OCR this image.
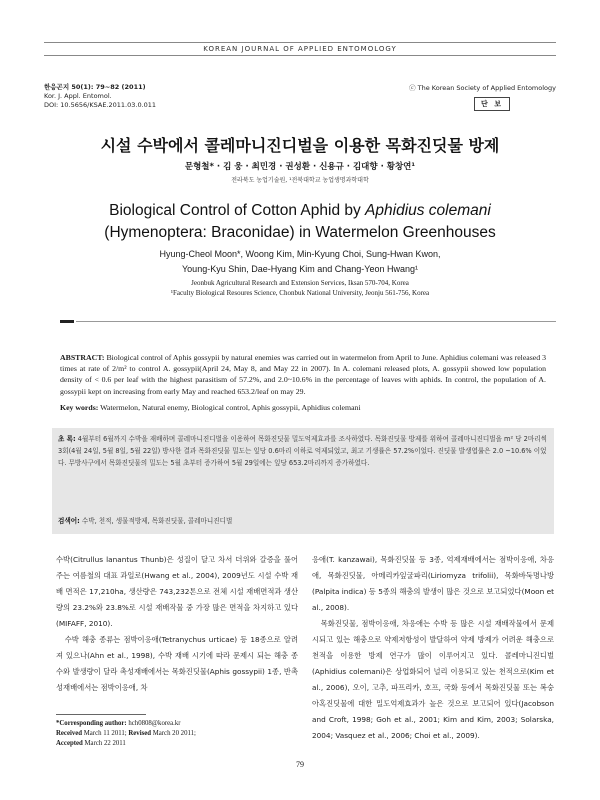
KOREAN JOURNAL OF APPLIED ENTOMOLOGY
한응곤지 50(1): 79~82 (2011)
Kor. J. Appl. Entomol.
DOI: 10.5656/KSAE.2011.03.0.011
ⓒ The Korean Society of Applied Entomology
단 보
시설 수박에서 콜레마니진디벌을 이용한 목화진딧물 방제
문형철* · 김 웅 · 최민경 · 권성환 · 신용규 · 김대향 · 황창연¹
전라북도 농업기술원, ¹전북대학교 농업생명과학대학
Biological Control of Cotton Aphid by Aphidius colemani
(Hymenoptera: Braconidae) in Watermelon Greenhouses
Hyung-Cheol Moon*, Woong Kim, Min-Kyung Choi, Sung-Hwan Kwon,
Young-Kyu Shin, Dae-Hyang Kim and Chang-Yeon Hwang¹
Jeonbuk Agricultural Research and Extension Services, Iksan 570-704, Korea
¹Faculty Biological Resoures Science, Chonbuk National University, Jeonju 561-756, Korea
ABSTRACT: Biological control of Aphis gossypii by natural enemies was carried out in watermelon from April to June. Aphidius colemani was released 3 times at rate of 2/m² to control A. gossypii(April 24, May 8, and May 22 in 2007). In A. colemani released plots, A. gossypii showed low population density of < 0.6 per leaf with the highest parasitism of 57.2%, and 2.0~10.6% in the percentage of leaves with aphids. In control, the population of A. gossypii kept on increasing from early May and reached 653.2/leaf on may 29.
Key words: Watermelon, Natural enemy, Biological control, Aphis gossypii, Aphidius colemani
초 록: 4월부터 6월까지 수박을 재배하며 콜레마니진디벌을 이용하여 목화진딧물 밀도억제효과를 조사하였다. 목화진딧물 방제를 위하여 콜레마니진디벌을 m² 당 2마리씩 3회(4월 24일, 5월 8일, 5월 22일) 방사한 결과 목화진딧물 밀도는 잎당 0.6마리 이하로 억제되었고, 최고 기생률은 57.2%이었다. 진딧물 발생엽률은 2.0 ~10.6% 이었다. 무방사구에서 목화진딧물의 밀도는 5월 초부터 증가하여 5월 29일에는 잎당 653.2마리까지 증가하였다.
검색어: 수박, 천적, 생물적방제, 목화진딧물, 콜레마니진디벌

수박(Citrullus lanantus Thunb)은 성질이 달고 차서 더위와 갈증을 풀어주는 여름철의 대표 과일로(Hwang et al., 2004), 2009년도 시설 수박 재배 면적은 17,210ha, 생산량은 743,232톤으로 전체 시설 재배면적과 생산량의 23.2%와 23.8%로 시설 재배작물 중 가장 많은 면적을 차지하고 있다(MIFAFF, 2010).

수박 해충 종류는 점박이응애(Tetranychus urticae) 등 18종으로 알려져 있으나(Ahn et al., 1998), 수박 재배 시기에 따라 문제시 되는 해충 종수와 발생량이 달라 촉성재배에서는 목화진딧물(Aphis gossypii) 1종, 반촉성재배에서는 점박이응애, 차

응애(T. kanzawai), 목화진딧물 등 3종, 억제재배에서는 점박이응애, 차응애, 목화진딧물, 아메리카잎굴파리(Liriomyza trifolii), 목화바둑명나방(Palpita indica) 등 5종의 해충의 발생이 많은 것으로 보고되었다(Moon et al., 2008).

목화진딧물, 점박이응애, 차응애는 수박 등 많은 시설 재배작물에서 문제시되고 있는 해충으로 약제저항성이 발달하여 약제 방제가 어려운 해충으로 천적을 이용한 방제 연구가 많이 이루어지고 있다. 콜레마니진디벌(Aphidius colemani)은 상업화되어 널리 이용되고 있는 천적으로(Kim et al., 2006), 오이, 고추, 파프리카, 호프, 국화 등에서 목화진딧물 또는 복숭아혹진딧물에 대한 밀도억제효과가 높은 것으로 보고되어 있다(Jacobson and Croft, 1998; Goh et al., 2001; Kim and Kim, 2003; Solarska, 2004; Vasquez et al., 2006; Choi et al., 2009).

*Corresponding author: hch0808@korea.kr
Received March 11 2011; Revised March 20 2011;
Accepted March 22 2011
79
